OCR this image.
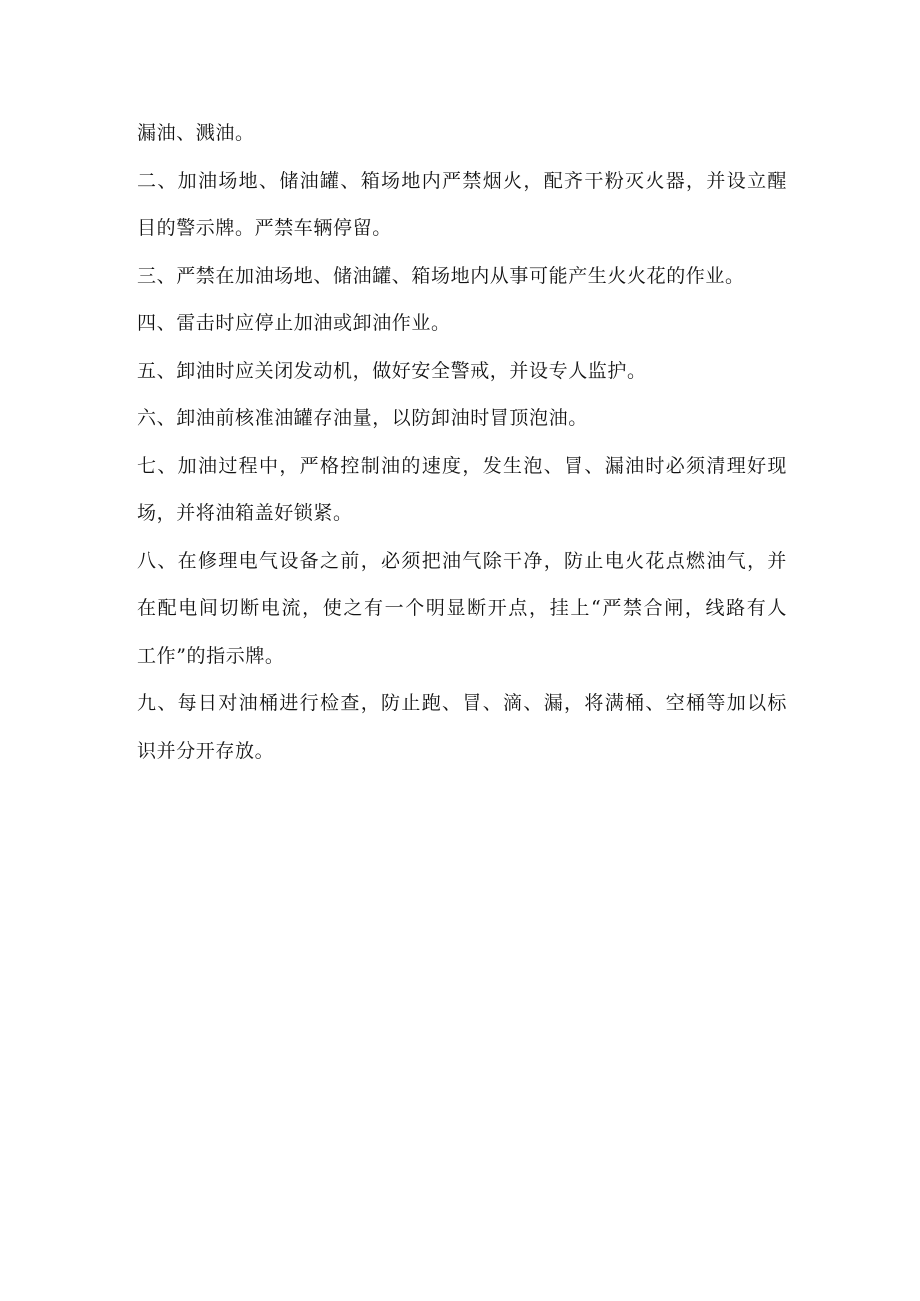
漏油、溅油。

二、加油场地、储油罐、箱场地内严禁烟火，配齐干粉灭火器，并设立醒
目的警示牌。严禁车辆停留。

三、严禁在加油场地、储油罐、箱场地内从事可能产生火火花的作业。

四、雷击时应停止加油或卸油作业。

五、卸油时应关闭发动机，做好安全警戒，并设专人监护。

六、卸油前核准油罐存油量，以防卸油时冒顶泡油。

七、加油过程中，严格控制油的速度，发生泡、冒、漏油时必须清理好现
场，并将油箱盖好锁紧。

八、在修理电气设备之前，必须把油气除干净，防止电火花点燃油气，并
在配电间切断电流，使之有一个明显断开点，挂上“严禁合闸，线路有人
工作”的指示牌。

九、每日对油桶进行检查，防止跑、冒、滴、漏，将满桶、空桶等加以标
识并分开存放。
